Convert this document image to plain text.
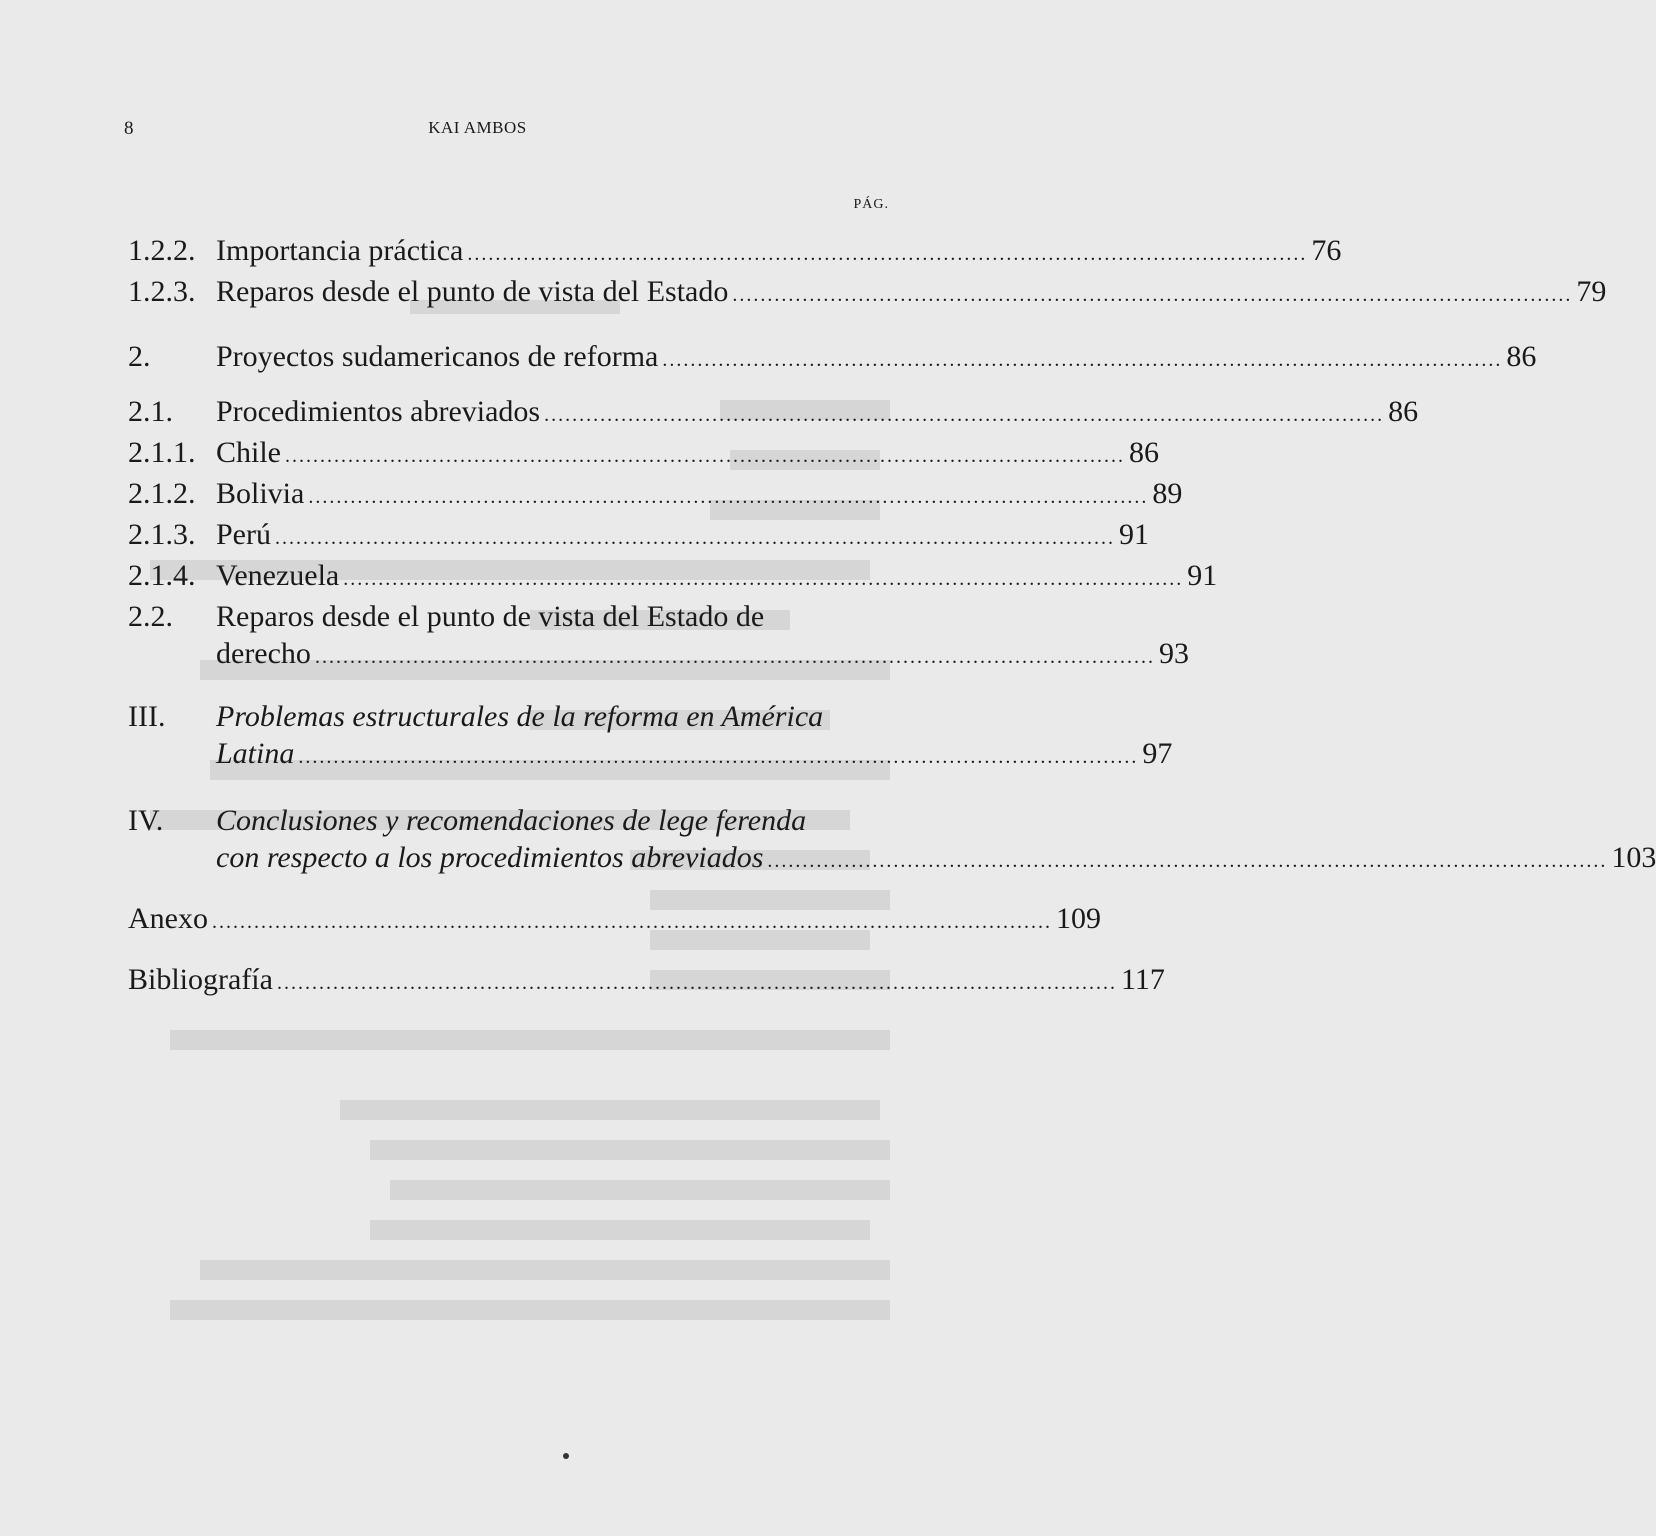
8	KAI AMBOS
PÁG.
1.2.2. Importancia práctica ........................................................................................................................ 76
1.2.3. Reparos desde el punto de vista del Estado ........................................................................................................................ 79
2. Proyectos sudamericanos de reforma ........................................................................................................................ 86
2.1. Procedimientos abreviados ........................................................................................................................ 86
2.1.1. Chile ........................................................................................................................ 86
2.1.2. Bolivia ........................................................................................................................ 89
2.1.3. Perú ........................................................................................................................ 91
2.1.4. Venezuela ........................................................................................................................ 91
2.2. Reparos desde el punto de vista del Estado de
derecho ........................................................................................................................ 93
III. Problemas estructurales de la reforma en América
Latina ........................................................................................................................ 97
IV. Conclusiones y recomendaciones de lege ferenda
con respecto a los procedimientos abreviados ........................................................................................................................ 103
Anexo ........................................................................................................................ 109
Bibliografía ........................................................................................................................ 117
